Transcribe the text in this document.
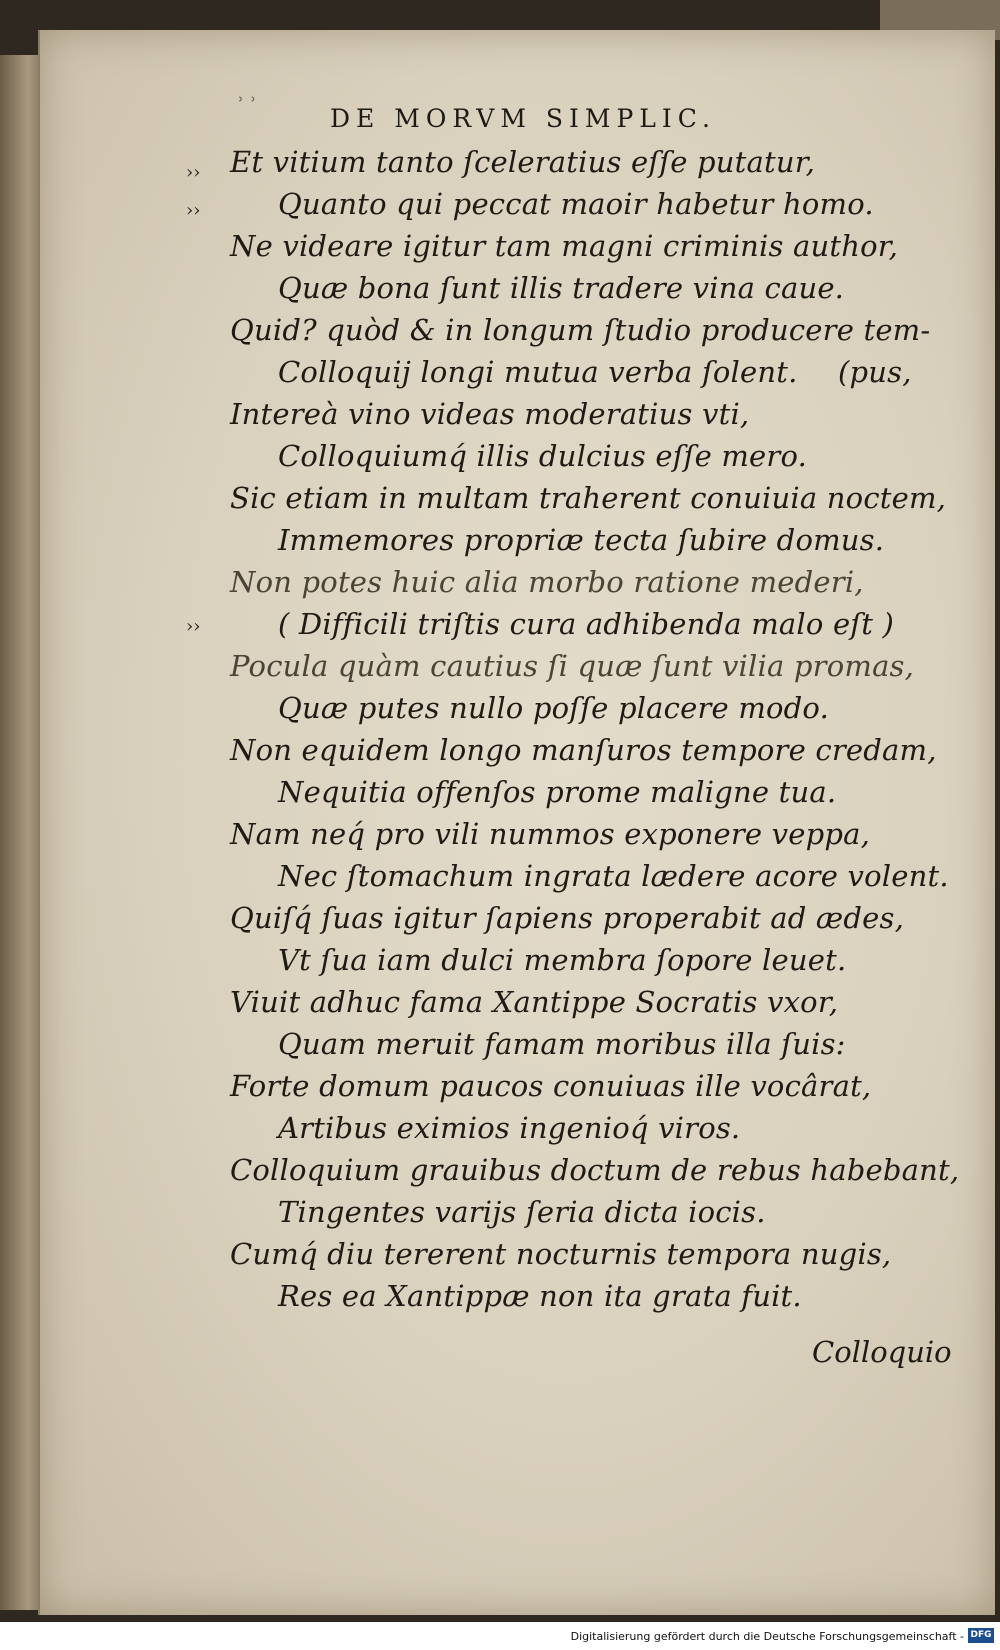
ʾ ʾ	DE MORVM SIMPLIC.
››
››
››
Et vitium tanto ſceleratius eſſe putatur,
Quanto qui peccat maoir habetur homo.
Ne videare igitur tam magni criminis author,
Quæ bona ſunt illis tradere vina caue.
Quid? quòd & in longum ſtudio producere tem-
Colloquij longi mutua verba ſolent. (pus,
Intereà vino videas moderatius vti,
Colloquiumq́ illis dulcius eſſe mero.
Sic etiam in multam traherent conuiuia noctem,
Immemores propriæ tecta ſubire domus.
Non potes huic alia morbo ratione mederi,
( Difficili triſtis cura adhibenda malo eſt )
Pocula quàm cautius ſi quæ ſunt vilia promas,
Quæ putes nullo poſſe placere modo.
Non equidem longo manſuros tempore credam,
Nequitia offenſos prome maligne tua.
Nam neq́ pro vili nummos exponere veppa,
Nec ſtomachum ingrata lædere acore volent.
Quiſq́ ſuas igitur ſapiens properabit ad ædes,
Vt ſua iam dulci membra ſopore leuet.
Viuit adhuc fama Xantippe Socratis vxor,
Quam meruit famam moribus illa ſuis:
Forte domum paucos conuiuas ille vocârat,
Artibus eximios ingenioq́ viros.
Colloquium grauibus doctum de rebus habebant,
Tingentes varijs ſeria dicta iocis.
Cumq́ diu tererent nocturnis tempora nugis,
Res ea Xantippæ non ita grata fuit.
Colloquio
Digitalisierung gefördert durch die Deutsche Forschungsgemeinschaft - DFG
